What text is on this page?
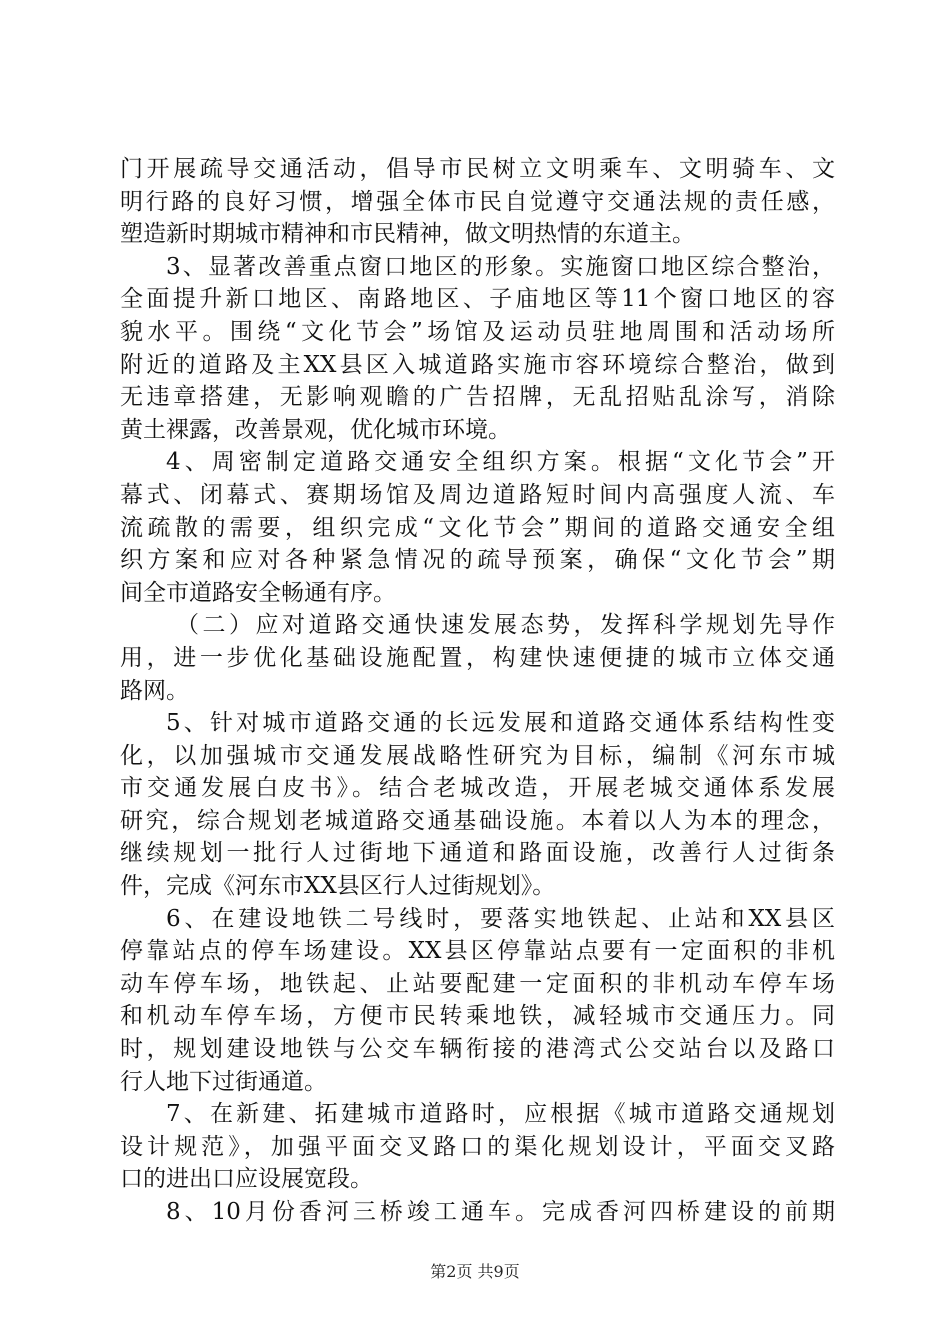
门开展疏导交通活动，倡导市民树立文明乘车、文明骑车、文
明行路的良好习惯，增强全体市民自觉遵守交通法规的责任感，
塑造新时期城市精神和市民精神，做文明热情的东道主。
3、显著改善重点窗口地区的形象。实施窗口地区综合整治，
全面提升新口地区、南路地区、子庙地区等11个窗口地区的容
貌水平。围绕“文化节会”场馆及运动员驻地周围和活动场所
附近的道路及主XX县区入城道路实施市容环境综合整治，做到
无违章搭建，无影响观瞻的广告招牌，无乱招贴乱涂写，消除
黄土裸露，改善景观，优化城市环境。
4、周密制定道路交通安全组织方案。根据“文化节会”开
幕式、闭幕式、赛期场馆及周边道路短时间内高强度人流、车
流疏散的需要，组织完成“文化节会”期间的道路交通安全组
织方案和应对各种紧急情况的疏导预案，确保“文化节会”期
间全市道路安全畅通有序。
（二）应对道路交通快速发展态势，发挥科学规划先导作
用，进一步优化基础设施配置，构建快速便捷的城市立体交通
路网。
5、针对城市道路交通的长远发展和道路交通体系结构性变
化，以加强城市交通发展战略性研究为目标，编制《河东市城
市交通发展白皮书》。结合老城改造，开展老城交通体系发展
研究，综合规划老城道路交通基础设施。本着以人为本的理念，
继续规划一批行人过街地下通道和路面设施，改善行人过街条
件，完成《河东市XX县区行人过街规划》。
6、在建设地铁二号线时，要落实地铁起、止站和XX县区
停靠站点的停车场建设。XX县区停靠站点要有一定面积的非机
动车停车场，地铁起、止站要配建一定面积的非机动车停车场
和机动车停车场，方便市民转乘地铁，减轻城市交通压力。同
时，规划建设地铁与公交车辆衔接的港湾式公交站台以及路口
行人地下过街通道。
7、在新建、拓建城市道路时，应根据《城市道路交通规划
设计规范》，加强平面交叉路口的渠化规划设计，平面交叉路
口的进出口应设展宽段。
8、10月份香河三桥竣工通车。完成香河四桥建设的前期
第2页 共9页
